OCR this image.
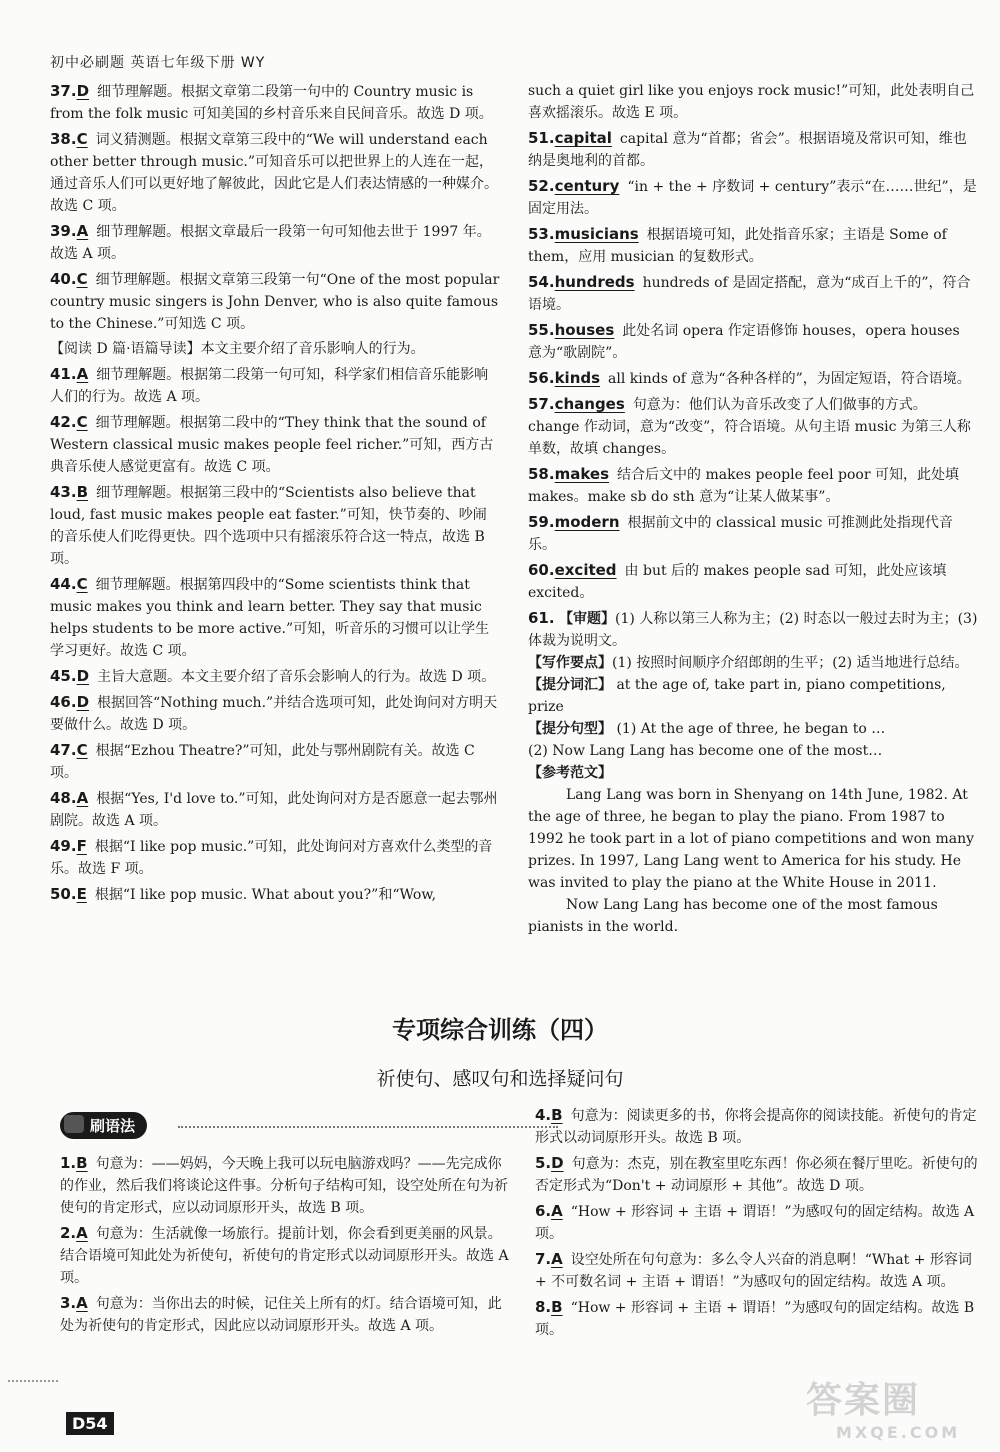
初中必刷题 英语七年级下册 WY
37.D 细节理解题。根据文章第二段第一句中的 Country music is from the folk music 可知美国的乡村音乐来自民间音乐。故选 D 项。
38.C 词义猜测题。根据文章第三段中的“We will understand each other better through music.”可知音乐可以把世界上的人连在一起，通过音乐人们可以更好地了解彼此，因此它是人们表达情感的一种媒介。故选 C 项。
39.A 细节理解题。根据文章最后一段第一句可知他去世于 1997 年。故选 A 项。
40.C 细节理解题。根据文章第三段第一句“One of the most popular country music singers is John Denver, who is also quite famous to the Chinese.”可知选 C 项。
【阅读 D 篇·语篇导读】本文主要介绍了音乐影响人的行为。
41.A 细节理解题。根据第二段第一句可知，科学家们相信音乐能影响人们的行为。故选 A 项。
42.C 细节理解题。根据第二段中的“They think that the sound of Western classical music makes people feel richer.”可知，西方古典音乐使人感觉更富有。故选 C 项。
43.B 细节理解题。根据第三段中的“Scientists also believe that loud, fast music makes people eat faster.”可知，快节奏的、吵闹的音乐使人们吃得更快。四个选项中只有摇滚乐符合这一特点，故选 B 项。
44.C 细节理解题。根据第四段中的“Some scientists think that music makes you think and learn better. They say that music helps students to be more active.”可知，听音乐的习惯可以让学生学习更好。故选 C 项。
45.D 主旨大意题。本文主要介绍了音乐会影响人的行为。故选 D 项。
46.D 根据回答“Nothing much.”并结合选项可知，此处询问对方明天要做什么。故选 D 项。
47.C 根据“Ezhou Theatre?”可知，此处与鄂州剧院有关。故选 C 项。
48.A 根据“Yes, I'd love to.”可知，此处询问对方是否愿意一起去鄂州剧院。故选 A 项。
49.F 根据“I like pop music.”可知，此处询问对方喜欢什么类型的音乐。故选 F 项。
50.E 根据“I like pop music. What about you?”和“Wow,
such a quiet girl like you enjoys rock music!”可知，此处表明自己喜欢摇滚乐。故选 E 项。
51.capital capital 意为“首都；省会”。根据语境及常识可知，维也纳是奥地利的首都。
52.century “in + the + 序数词 + century”表示“在……世纪”，是固定用法。
53.musicians 根据语境可知，此处指音乐家；主语是 Some of them，应用 musician 的复数形式。
54.hundreds hundreds of 是固定搭配，意为“成百上千的”，符合语境。
55.houses 此处名词 opera 作定语修饰 houses，opera houses 意为“歌剧院”。
56.kinds all kinds of 意为“各种各样的”，为固定短语，符合语境。
57.changes 句意为：他们认为音乐改变了人们做事的方式。change 作动词，意为“改变”，符合语境。从句主语 music 为第三人称单数，故填 changes。
58.makes 结合后文中的 makes people feel poor 可知，此处填 makes。make sb do sth 意为“让某人做某事”。
59.modern 根据前文中的 classical music 可推测此处指现代音乐。
60.excited 由 but 后的 makes people sad 可知，此处应该填 excited。
61. 【审题】(1) 人称以第三人称为主；(2) 时态以一般过去时为主；(3) 体裁为说明文。
【写作要点】(1) 按照时间顺序介绍郎朗的生平；(2) 适当地进行总结。
【提分词汇】 at the age of, take part in, piano competitions, prize
【提分句型】 (1) At the age of three, he began to …
(2) Now Lang Lang has become one of the most…
【参考范文】
Lang Lang was born in Shenyang on 14th June, 1982. At the age of three, he began to play the piano. From 1987 to 1992 he took part in a lot of piano competitions and won many prizes. In 1997, Lang Lang went to America for his study. He was invited to play the piano at the White House in 2011.
Now Lang Lang has become one of the most famous pianists in the world.
专项综合训练（四）
祈使句、感叹句和选择疑问句
刷语法
1.B 句意为：——妈妈，今天晚上我可以玩电脑游戏吗？——先完成你的作业，然后我们将谈论这件事。分析句子结构可知，设空处所在句为祈使句的肯定形式，应以动词原形开头，故选 B 项。
2.A 句意为：生活就像一场旅行。提前计划，你会看到更美丽的风景。结合语境可知此处为祈使句，祈使句的肯定形式以动词原形开头。故选 A 项。
3.A 句意为：当你出去的时候，记住关上所有的灯。结合语境可知，此处为祈使句的肯定形式，因此应以动词原形开头。故选 A 项。
4.B 句意为：阅读更多的书，你将会提高你的阅读技能。祈使句的肯定形式以动词原形开头。故选 B 项。
5.D 句意为：杰克，别在教室里吃东西！你必须在餐厅里吃。祈使句的否定形式为“Don't + 动词原形 + 其他”。故选 D 项。
6.A “How + 形容词 + 主语 + 谓语！”为感叹句的固定结构。故选 A 项。
7.A 设空处所在句句意为：多么令人兴奋的消息啊！“What + 形容词 + 不可数名词 + 主语 + 谓语！”为感叹句的固定结构。故选 A 项。
8.B “How + 形容词 + 主语 + 谓语！”为感叹句的固定结构。故选 B 项。
D54
答案圈
MXQE.COM
